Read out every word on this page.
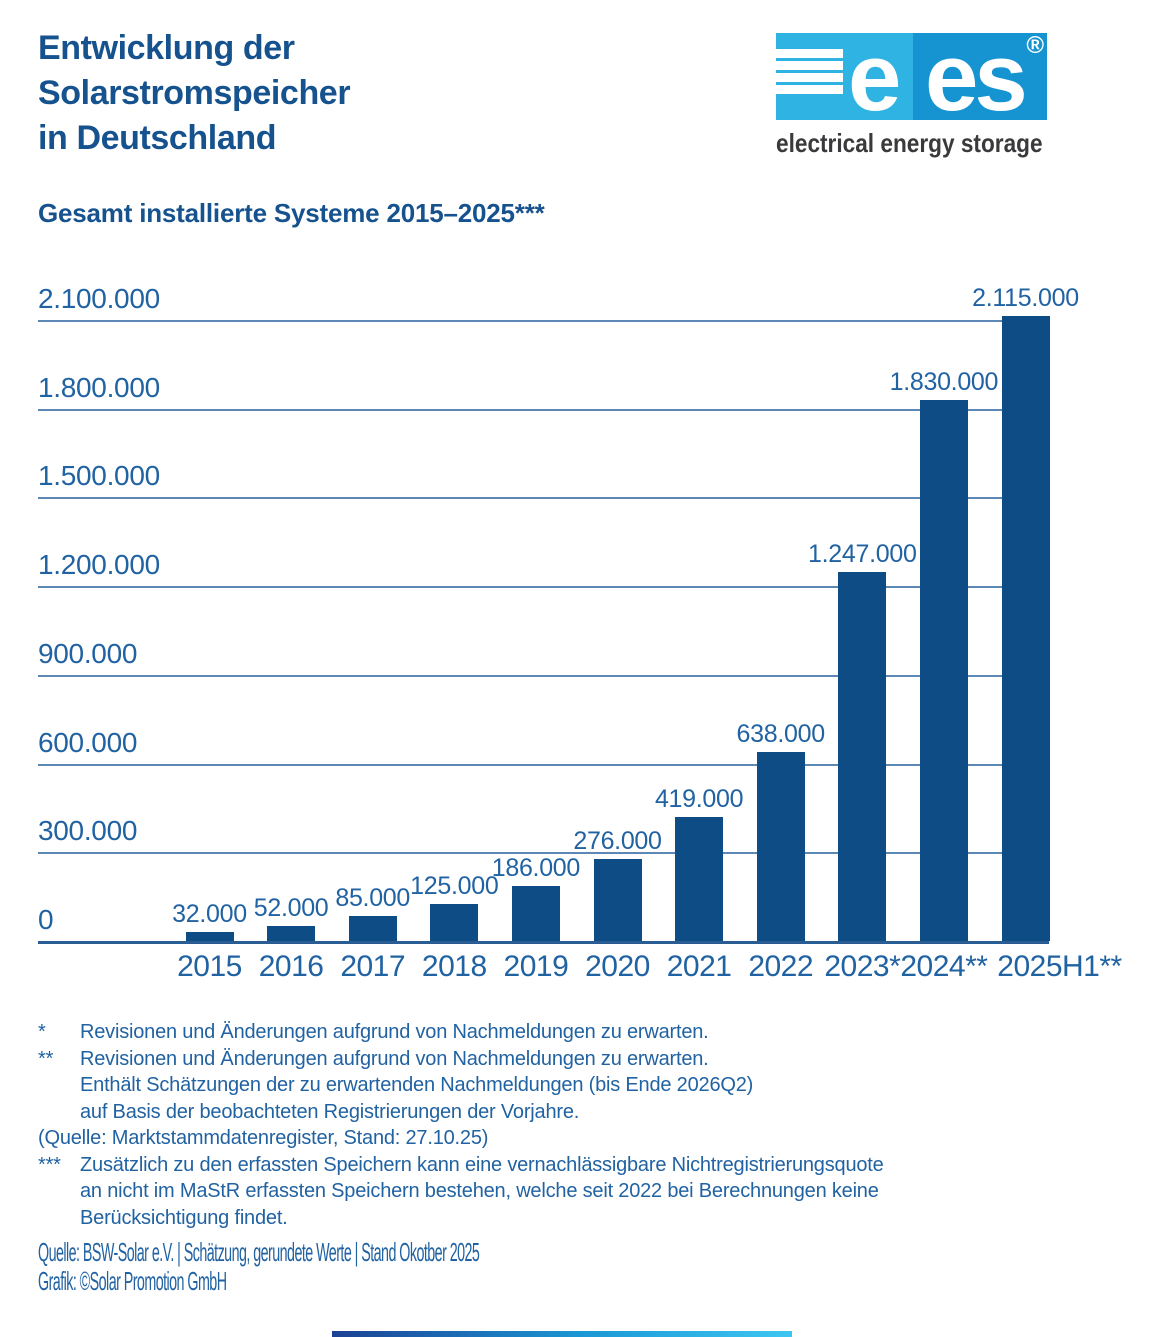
Entwicklung der
Solarstromspeicher
in Deutschland
e es ®
electrical energy storage
Gesamt installierte Systeme 2015–2025***
2.100.000
1.800.000
1.500.000
1.200.000
900.000
600.000
300.000
0	32.000
2015
52.000
2016
85.000
2017
125.000
2018
186.000
2019
276.000
2020
419.000
2021
638.000
2022
1.247.000
2023*
1.830.000
2024**
2.115.000
2025H1**
*	Revisionen und Änderungen aufgrund von Nachmeldungen zu erwarten.
**	Revisionen und Änderungen aufgrund von Nachmeldungen zu erwarten.
Enthält Schätzungen der zu erwartenden Nachmeldungen (bis Ende 2026Q2)
auf Basis der beobachteten Registrierungen der Vorjahre.
(Quelle: Marktstammdatenregister, Stand: 27.10.25)
*** Zusätzlich zu den erfassten Speichern kann eine vernachlässigbare Nichtregistrierungsquote
an nicht im MaStR erfassten Speichern bestehen, welche seit 2022 bei Berechnungen keine
Berücksichtigung findet.
Quelle: BSW-Solar e.V. | Schätzung, gerundete Werte | Stand Okotber 2025
Grafik: ©Solar Promotion GmbH
